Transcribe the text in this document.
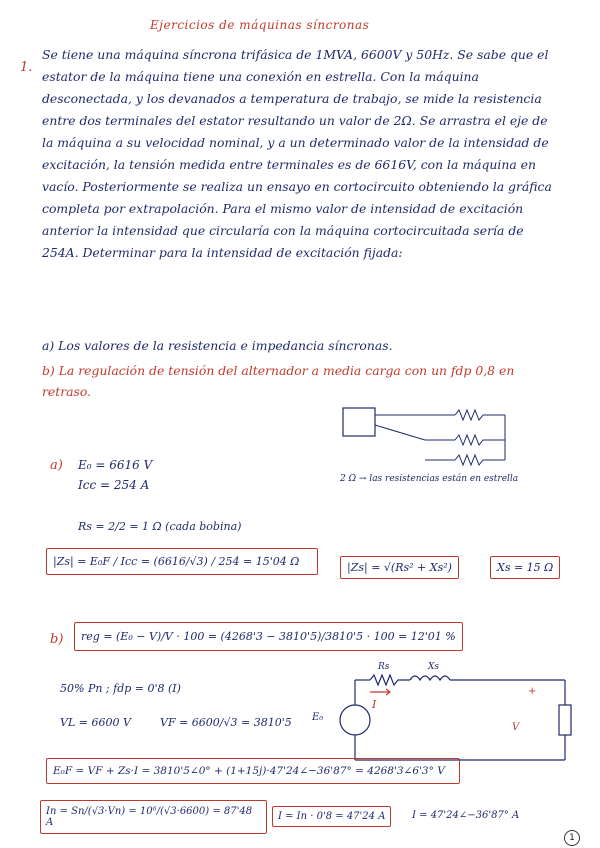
Ejercicios de máquinas síncronas
1.
Se tiene una máquina síncrona trifásica de 1MVA, 6600V y 50Hz. Se sabe que el estator de la máquina tiene una conexión en estrella. Con la máquina desconectada, y los devanados a temperatura de trabajo, se mide la resistencia entre dos terminales del estator resultando un valor de 2Ω. Se arrastra el eje de la máquina a su velocidad nominal, y a un determinado valor de la intensidad de excitación, la tensión medida entre terminales es de 6616V, con la máquina en vacío. Posteriormente se realiza un ensayo en cortocircuito obteniendo la gráfica completa por extrapolación. Para el mismo valor de intensidad de excitación anterior la intensidad que circularía con la máquina cortocircuitada sería de 254A. Determinar para la intensidad de excitación fijada:
a) Los valores de la resistencia e impedancia síncronas.
b) La regulación de tensión del alternador a media carga con un fdp 0,8 en retraso.
2 Ω → las resistencias están en estrella
a) E₀ = 6616 V
Icc = 254 A
Rs = 2/2 = 1 Ω (cada bobina)
|Zs| = E₀F / Icc = (6616/√3) / 254 = 15'04 Ω	|Zs| = √(Rs² + Xs²)	Xs = 15 Ω
b)	reg = (E₀ − V)/V · 100 = (4268'3 − 3810'5)/3810'5 · 100 = 12'01 %
50% Pn ; fdp = 0'8 (I)
VL = 6600 V	VF = 6600/√3 = 3810'5
Rs	Xs
I
E₀
V
+
E₀F = VF + Zs·I = 3810'5∠0° + (1+15j)·47'24∠−36'87° = 4268'3∠6'3° V
In = Sn/(√3·Vn) = 10⁶/(√3·6600) = 87'48 A
I = In · 0'8 = 47'24 A	I = 47'24∠−36'87° A
1
